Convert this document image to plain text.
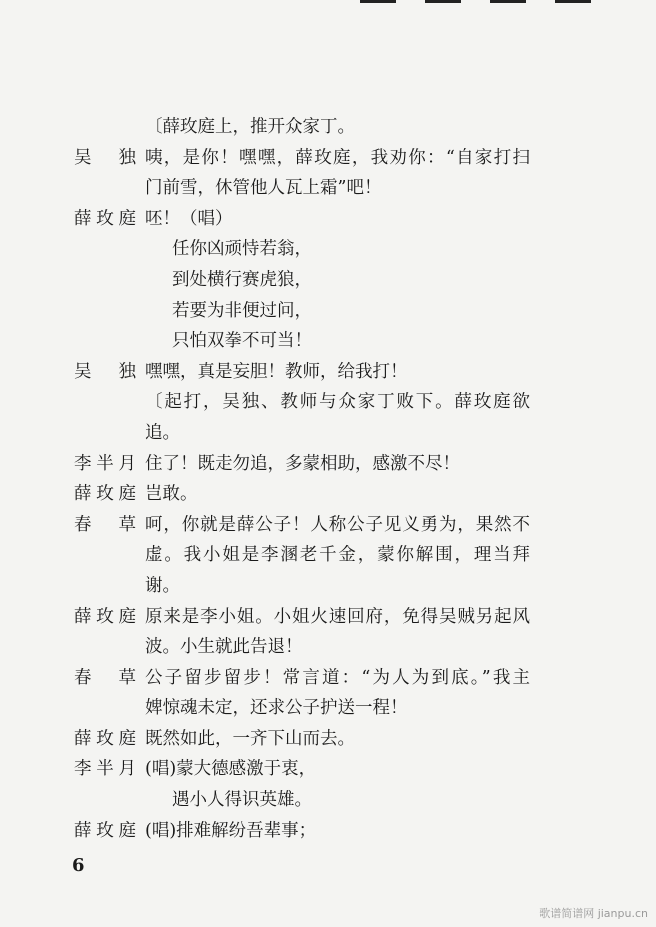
〔薛玫庭上，推开众家丁。
吴独 咦，是你！嘿嘿，薛玫庭，我劝你：“自家打扫
门前雪，休管他人瓦上霜”吧！
薛玫庭 呸！（唱）
任你凶顽恃若翁，
到处横行赛虎狼，
若要为非便过问，
只怕双拳不可当！
吴独 嘿嘿，真是妄胆！教师，给我打！
〔起打，吴独、教师与众家丁败下。薛玫庭欲
追。
李半月 住了！既走勿追，多蒙相助，感激不尽！
薛玫庭 岂敢。
春草 呵，你就是薛公子！人称公子见义勇为，果然不
虚。我小姐是李溷老千金，蒙你解围，理当拜
谢。
薛玫庭 原来是李小姐。小姐火速回府，免得吴贼另起风
波。小生就此告退！
春草 公子留步留步！常言道：“为人为到底。”我主
婢惊魂未定，还求公子护送一程！
薛玫庭 既然如此，一齐下山而去。
李半月 (唱)蒙大德感激于衷，
遇小人得识英雄。
薛玫庭 (唱)排难解纷吾辈事；
6
歌谱简谱网 jianpu.cn
